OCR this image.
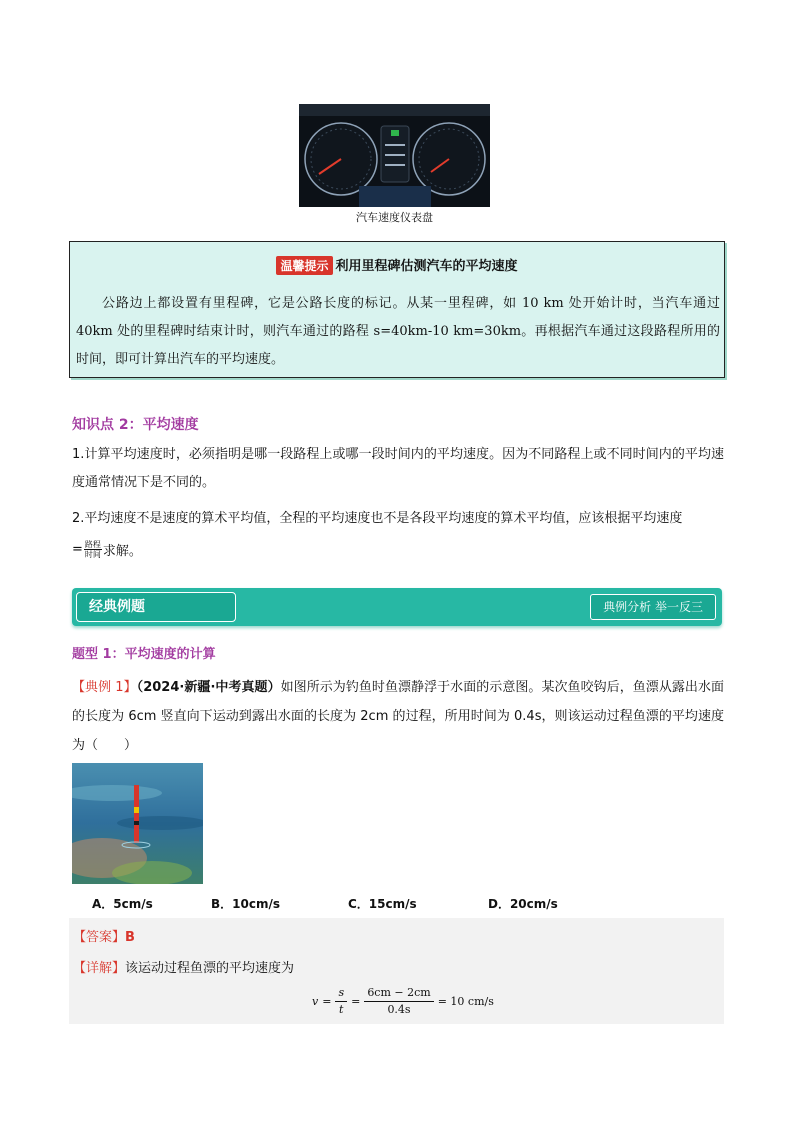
汽车速度仪表盘
温馨提示 利用里程碑估测汽车的平均速度
公路边上都设置有里程碑，它是公路长度的标记。从某一里程碑，如 10 km 处开始计时，当汽车通过 40km 处的里程碑时结束计时，则汽车通过的路程 s=40km-10 km=30km。再根据汽车通过这段路程所用的时间，即可计算出汽车的平均速度。
知识点 2：平均速度
1.计算平均速度时，必须指明是哪一段路程上或哪一段时间内的平均速度。因为不同路程上或不同时间内的平均速度通常情况下是不同的。
2.平均速度不是速度的算术平均值，全程的平均速度也不是各段平均速度的算术平均值，应该根据平均速度
= $\frac{\text{路程}}{\text{时间}}$ 求解。
经典例题	典例分析 举一反三
题型 1：平均速度的计算
【典例 1】（2024·新疆·中考真题）如图所示为钓鱼时鱼漂静浮于水面的示意图。某次鱼咬钩后，鱼漂从露出水面的长度为 6cm 竖直向下运动到露出水面的长度为 2cm 的过程，所用时间为 0.4s，则该运动过程鱼漂的平均速度为（　　）
A．5cm/s	B．10cm/s	C．15cm/s	D．20cm/s
【答案】B
【详解】该运动过程鱼漂的平均速度为
$v = \frac{s}{t} = \frac{6cm - 2cm}{0.4s} = 10$ cm/s
